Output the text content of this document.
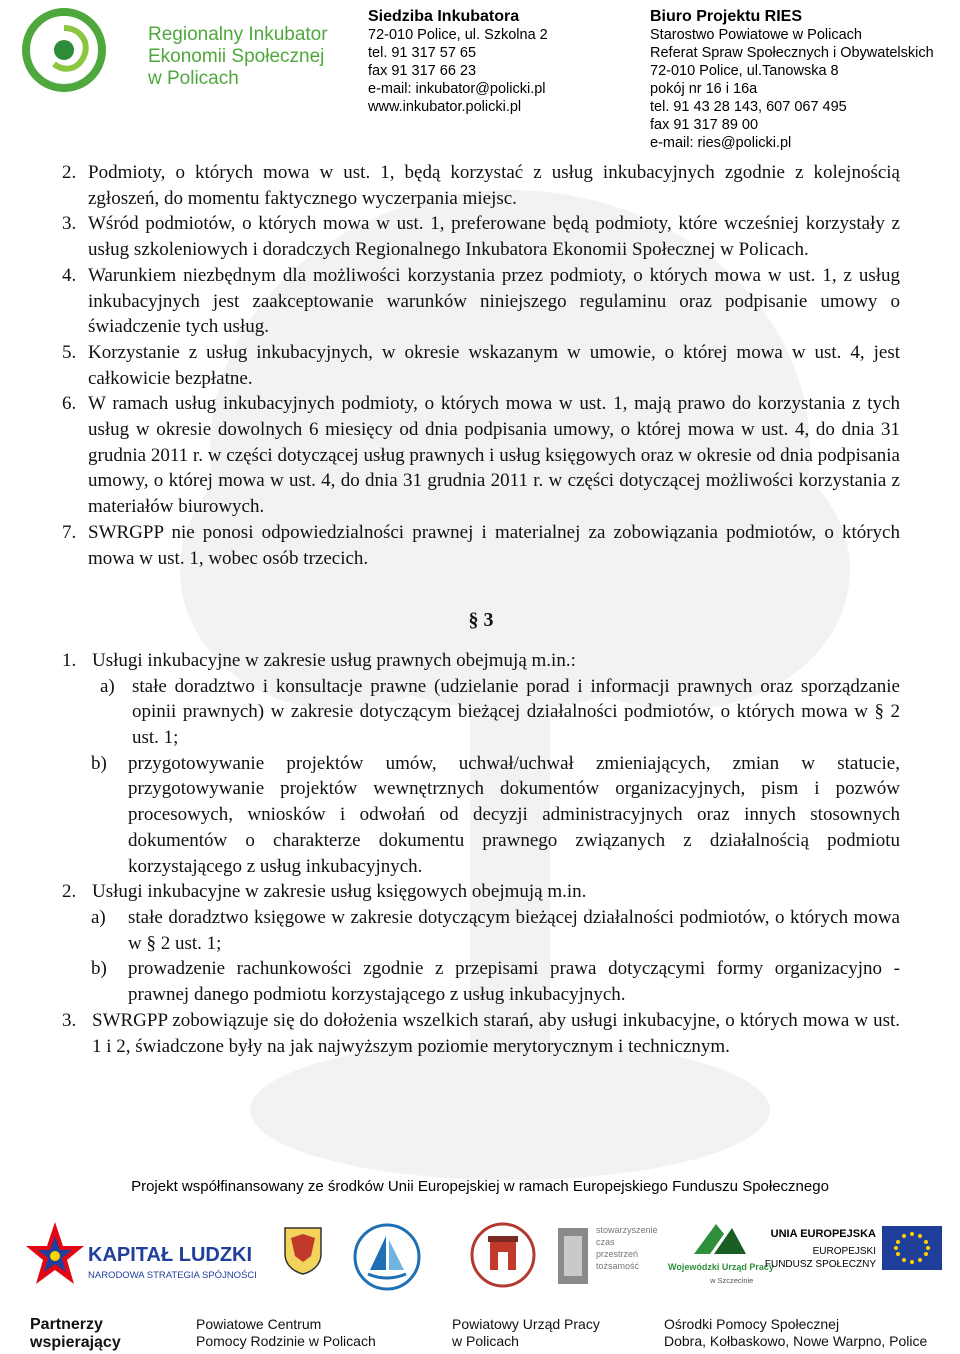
Regionalny Inkubator
Ekonomii Społecznej
w Policach
Siedziba Inkubatora
72-010 Police, ul. Szkolna 2
tel. 91 317 57 65
fax 91 317 66 23
e-mail: inkubator@policki.pl
www.inkubator.policki.pl
Biuro Projektu RIES
Starostwo Powiatowe w Policach
Referat Spraw Społecznych i Obywatelskich
72-010 Police, ul.Tanowska 8
pokój nr 16 i 16a
tel. 91 43 28 143, 607 067 495
fax 91 317 89 00
e-mail: ries@policki.pl
2. Podmioty, o których mowa w ust. 1, będą korzystać z usług inkubacyjnych zgodnie z kolejnością zgłoszeń, do momentu faktycznego wyczerpania miejsc.
3. Wśród podmiotów, o których mowa w ust. 1, preferowane będą podmioty, które wcześniej korzystały z usług szkoleniowych i doradczych Regionalnego Inkubatora Ekonomii Społecznej w Policach.
4. Warunkiem niezbędnym dla możliwości korzystania przez podmioty, o których mowa w ust. 1, z usług inkubacyjnych jest zaakceptowanie warunków niniejszego regulaminu oraz podpisanie umowy o świadczenie tych usług.
5. Korzystanie z usług inkubacyjnych, w okresie wskazanym w umowie, o której mowa w ust. 4, jest całkowicie bezpłatne.
6. W ramach usług inkubacyjnych podmioty, o których mowa w ust. 1, mają prawo do korzystania z tych usług w okresie dowolnych 6 miesięcy od dnia podpisania umowy, o której mowa w ust. 4, do dnia 31 grudnia 2011 r. w części dotyczącej usług prawnych i usług księgowych oraz w okresie od dnia podpisania umowy, o której mowa w ust. 4, do dnia 31 grudnia 2011 r. w części dotyczącej możliwości korzystania z materiałów biurowych.
7. SWRGPP nie ponosi odpowiedzialności prawnej i materialnej za zobowiązania podmiotów, o których mowa w ust. 1, wobec osób trzecich.
§ 3
1. Usługi inkubacyjne w zakresie usług prawnych obejmują m.in.:
a) stałe doradztwo i konsultacje prawne (udzielanie porad i informacji prawnych oraz sporządzanie opinii prawnych) w zakresie dotyczącym bieżącej działalności podmiotów, o których mowa w § 2 ust. 1;
b) przygotowywanie projektów umów, uchwał/uchwał zmieniających, zmian w statucie, przygotowywanie projektów wewnętrznych dokumentów organizacyjnych, pism i pozwów procesowych, wniosków i odwołań od decyzji administracyjnych oraz innych stosownych dokumentów o charakterze dokumentu prawnego związanych z działalnością podmiotu korzystającego z usług inkubacyjnych.
2. Usługi inkubacyjne w zakresie usług księgowych obejmują m.in.
a) stałe doradztwo księgowe w zakresie dotyczącym bieżącej działalności podmiotów, o których mowa w § 2 ust. 1;
b) prowadzenie rachunkowości zgodnie z przepisami prawa dotyczącymi formy organizacyjno - prawnej danego podmiotu korzystającego z usług inkubacyjnych.
3. SWRGPP zobowiązuje się do dołożenia wszelkich starań, aby usługi inkubacyjne, o których mowa w ust. 1 i 2, świadczone były na jak najwyższym poziomie merytorycznym i technicznym.
Projekt współfinansowany ze środków Unii Europejskiej w ramach Europejskiego Funduszu Społecznego
KAPITAŁ LUDZKI
NARODOWA STRATEGIA SPÓJNOŚCI
stowarzyszenie
czas
przestrzeń
tożsamość	Wojewódzki Urząd Pracy
w Szczecinie
UNIA EUROPEJSKA
EUROPEJSKI
FUNDUSZ SPOŁECZNY
Partnerzy
wspierający
Powiatowe Centrum
Pomocy Rodzinie w Policach
Powiatowy Urząd Pracy
w Policach
Ośrodki Pomocy Społecznej
Dobra, Kołbaskowo, Nowe Warpno, Police
